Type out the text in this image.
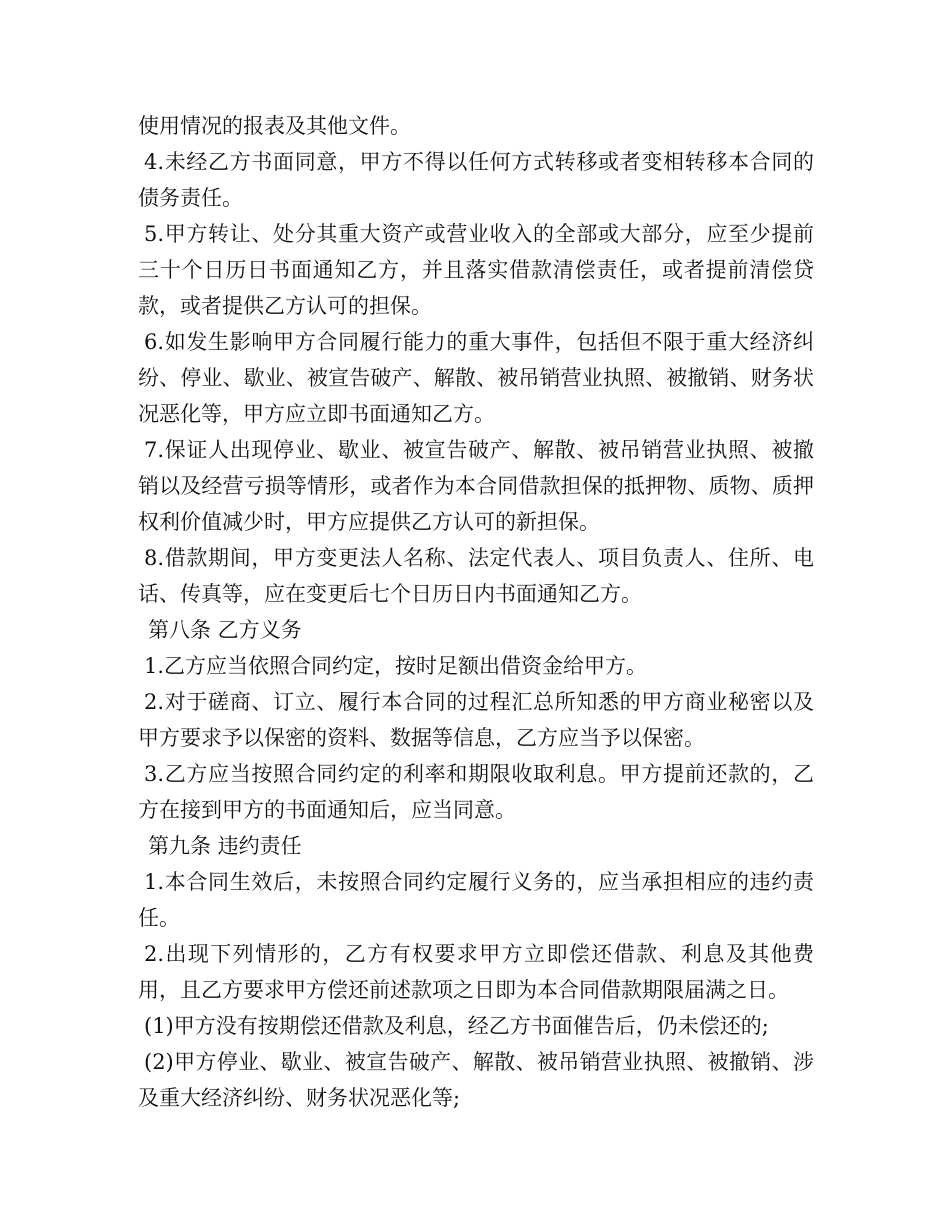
使用情况的报表及其他文件。

4.未经乙方书面同意，甲方不得以任何方式转移或者变相转移本合同的债务责任。

5.甲方转让、处分其重大资产或营业收入的全部或大部分，应至少提前三十个日历日书面通知乙方，并且落实借款清偿责任，或者提前清偿贷款，或者提供乙方认可的担保。

6.如发生影响甲方合同履行能力的重大事件，包括但不限于重大经济纠纷、停业、歇业、被宣告破产、解散、被吊销营业执照、被撤销、财务状况恶化等，甲方应立即书面通知乙方。

7.保证人出现停业、歇业、被宣告破产、解散、被吊销营业执照、被撤销以及经营亏损等情形，或者作为本合同借款担保的抵押物、质物、质押权利价值减少时，甲方应提供乙方认可的新担保。

8.借款期间，甲方变更法人名称、法定代表人、项目负责人、住所、电话、传真等，应在变更后七个日历日内书面通知乙方。

第八条 乙方义务

1.乙方应当依照合同约定，按时足额出借资金给甲方。

2.对于磋商、订立、履行本合同的过程汇总所知悉的甲方商业秘密以及甲方要求予以保密的资料、数据等信息，乙方应当予以保密。

3.乙方应当按照合同约定的利率和期限收取利息。甲方提前还款的，乙方在接到甲方的书面通知后，应当同意。

第九条 违约责任

1.本合同生效后，未按照合同约定履行义务的，应当承担相应的违约责任。

2.出现下列情形的，乙方有权要求甲方立即偿还借款、利息及其他费用，且乙方要求甲方偿还前述款项之日即为本合同借款期限届满之日。

(1)甲方没有按期偿还借款及利息，经乙方书面催告后，仍未偿还的;

(2)甲方停业、歇业、被宣告破产、解散、被吊销营业执照、被撤销、涉及重大经济纠纷、财务状况恶化等;
